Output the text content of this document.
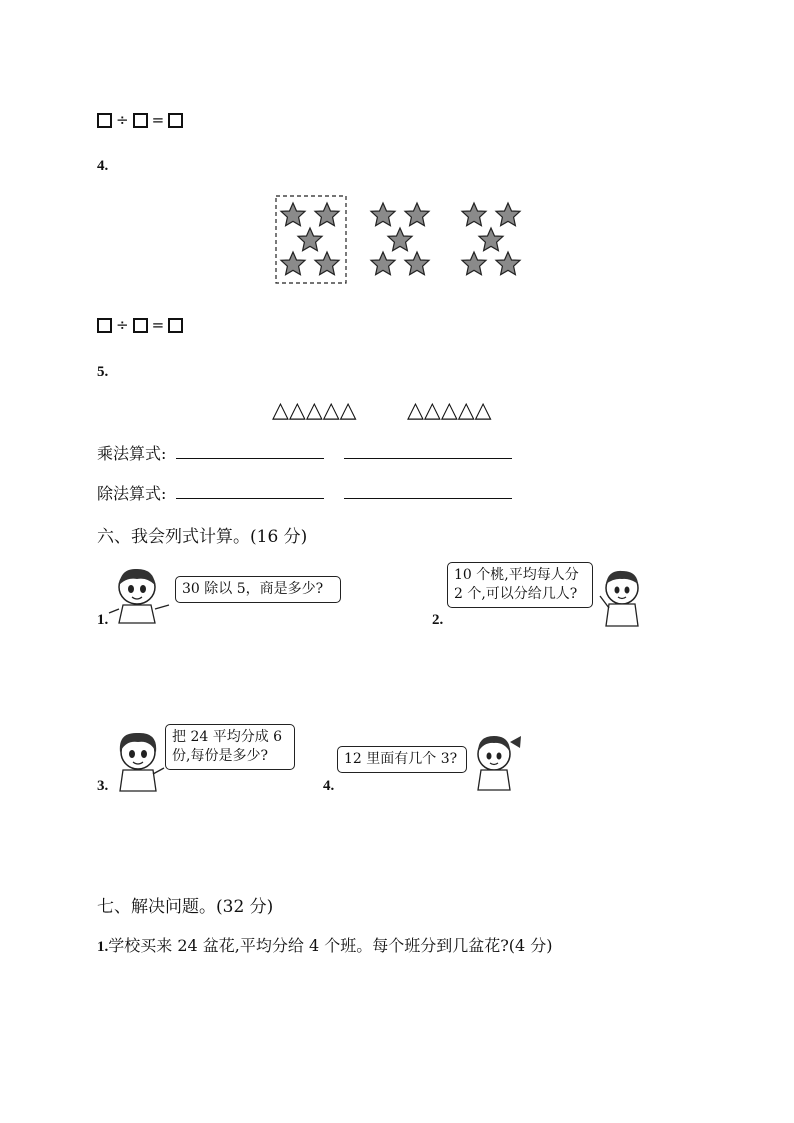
÷ =
4.
÷ =
5.
△△△△△ △△△△△
乘法算式:
除法算式:
六、我会列式计算。(16 分)
1.
30 除以 5，商是多少?
2.
10 个桃,平均每人分
2 个,可以分给几人?
3.
把 24 平均分成 6
份,每份是多少?
4.
12 里面有几个 3?
七、解决问题。(32 分)
1.学校买来 24 盆花,平均分给 4 个班。每个班分到几盆花?(4 分)
